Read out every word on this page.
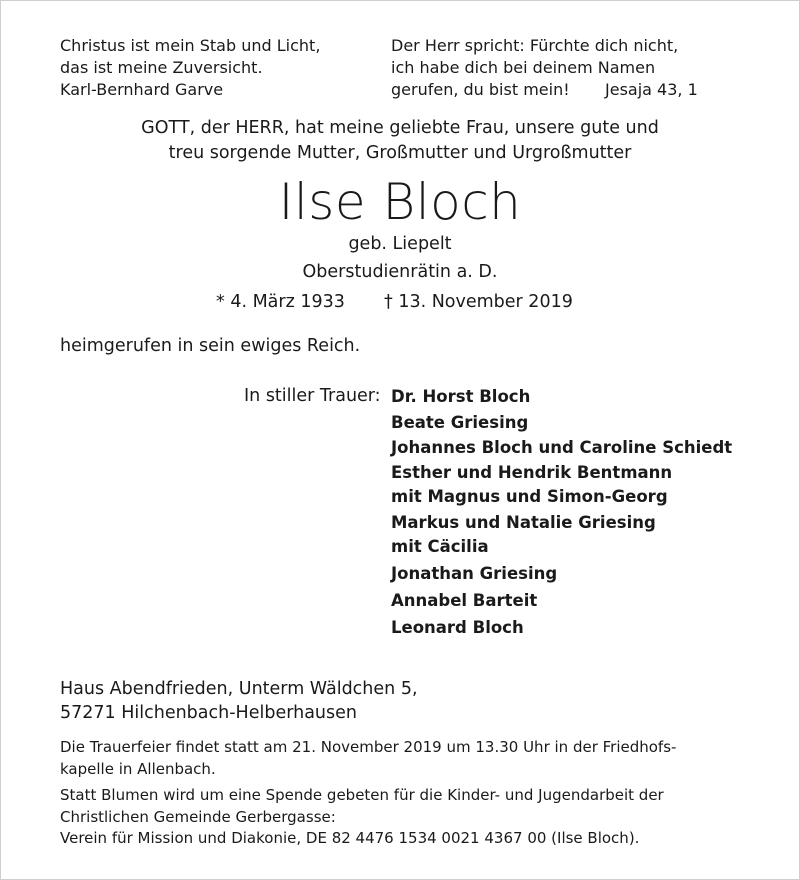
Christus ist mein Stab und Licht,
das ist meine Zuversicht.
Karl-Bernhard Garve
Der Herr spricht: Fürchte dich nicht,
ich habe dich bei deinem Namen
gerufen, du bist mein!	Jesaja 43, 1
GOTT, der HERR, hat meine geliebte Frau, unsere gute und
treu sorgende Mutter, Großmutter und Urgroßmutter
Ilse Bloch
geb. Liepelt
Oberstudienrätin a. D.
* 4. März 1933 † 13. November 2019
heimgerufen in sein ewiges Reich.
In stiller Trauer: Dr. Horst Bloch
Beate Griesing
Johannes Bloch und Caroline Schiedt
Esther und Hendrik Bentmann
mit Magnus und Simon-Georg
Markus und Natalie Griesing
mit Cäcilia
Jonathan Griesing
Annabel Barteit
Leonard Bloch
Haus Abendfrieden, Unterm Wäldchen 5,
57271 Hilchenbach-Helberhausen
Die Trauerfeier findet statt am 21. November 2019 um 13.30 Uhr in der Friedhofs-
kapelle in Allenbach.
Statt Blumen wird um eine Spende gebeten für die Kinder- und Jugendarbeit der
Christlichen Gemeinde Gerbergasse:
Verein für Mission und Diakonie, DE 82 4476 1534 0021 4367 00 (Ilse Bloch).
